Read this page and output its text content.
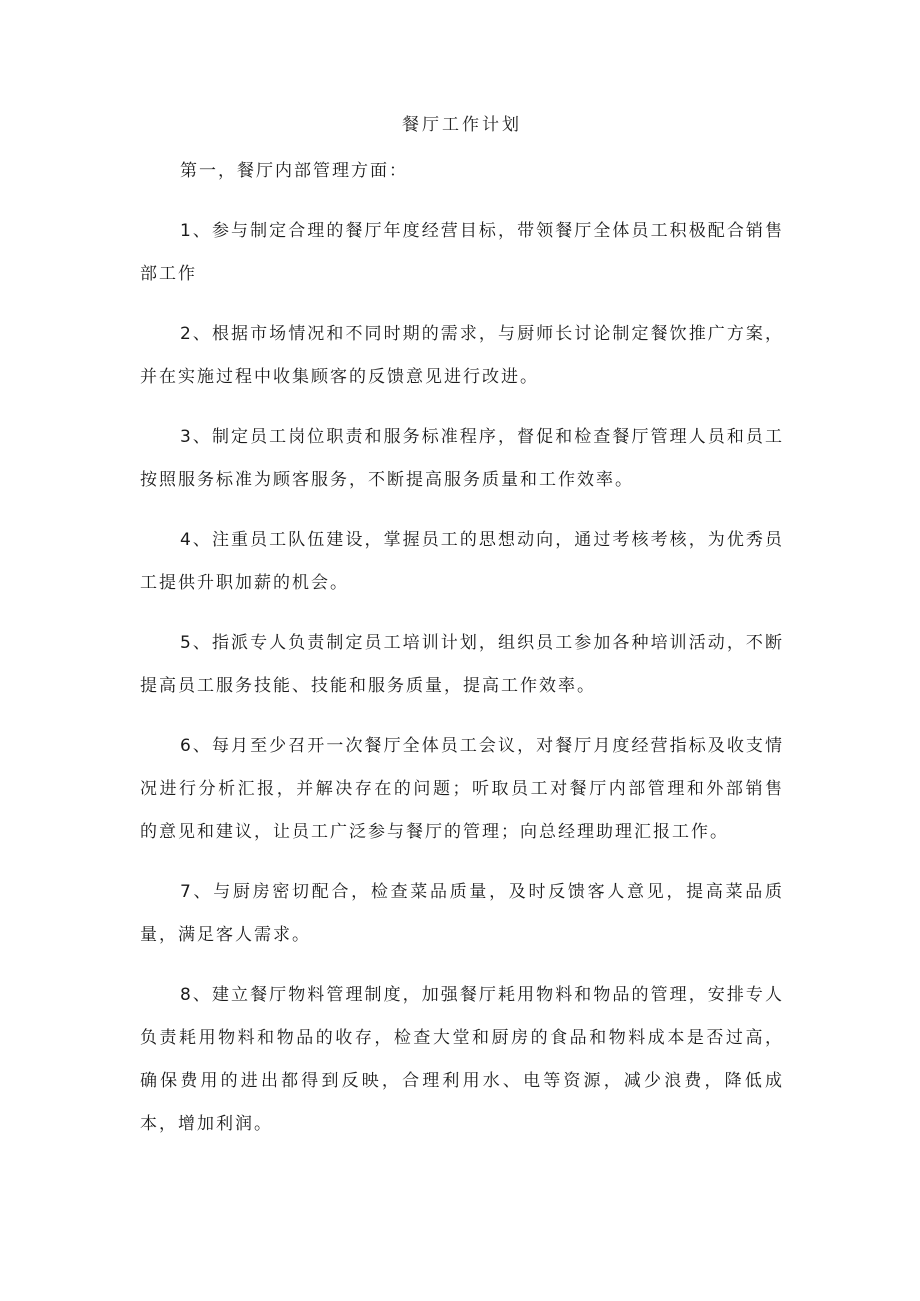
餐厅工作计划

第一，餐厅内部管理方面：

1、参与制定合理的餐厅年度经营目标，带领餐厅全体员工积极配合销售部工作

2、根据市场情况和不同时期的需求，与厨师长讨论制定餐饮推广方案，并在实施过程中收集顾客的反馈意见进行改进。

3、制定员工岗位职责和服务标准程序，督促和检查餐厅管理人员和员工按照服务标准为顾客服务，不断提高服务质量和工作效率。

4、注重员工队伍建设，掌握员工的思想动向，通过考核考核，为优秀员工提供升职加薪的机会。

5、指派专人负责制定员工培训计划，组织员工参加各种培训活动，不断提高员工服务技能、技能和服务质量，提高工作效率。

6、每月至少召开一次餐厅全体员工会议，对餐厅月度经营指标及收支情况进行分析汇报，并解决存在的问题；听取员工对餐厅内部管理和外部销售的意见和建议，让员工广泛参与餐厅的管理；向总经理助理汇报工作。

7、与厨房密切配合，检查菜品质量，及时反馈客人意见，提高菜品质量，满足客人需求。

8、建立餐厅物料管理制度，加强餐厅耗用物料和物品的管理，安排专人负责耗用物料和物品的收存，检查大堂和厨房的食品和物料成本是否过高，确保费用的进出都得到反映，合理利用水、电等资源，减少浪费，降低成本，增加利润。
